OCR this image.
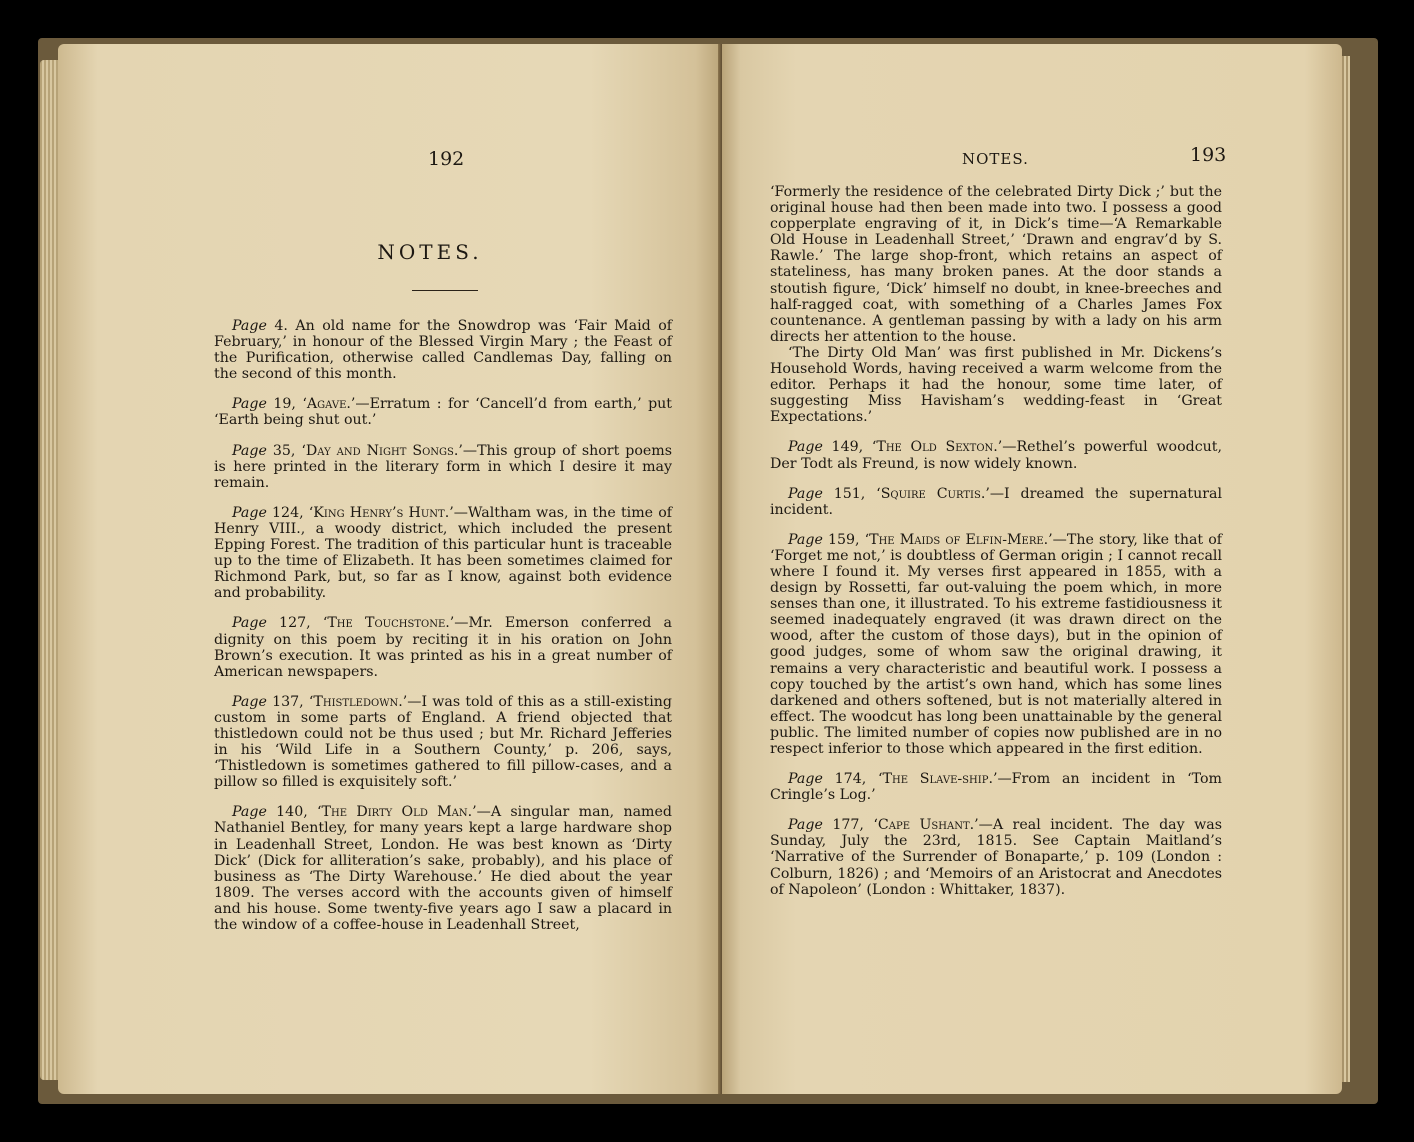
192
NOTES.

Page 4. An old name for the Snowdrop was ‘Fair Maid of February,’ in honour of the Blessed Virgin Mary ; the Feast of the Purification, otherwise called Candlemas Day, falling on the second of this month.

Page 19, ‘Agave.’—Erratum : for ‘Cancell’d from earth,’ put ‘Earth being shut out.’

Page 35, ‘Day and Night Songs.’—This group of short poems is here printed in the literary form in which I desire it may remain.

Page 124, ‘King Henry’s Hunt.’—Waltham was, in the time of Henry VIII., a woody district, which included the present Epping Forest. The tradition of this particular hunt is traceable up to the time of Elizabeth. It has been sometimes claimed for Richmond Park, but, so far as I know, against both evidence and probability.

Page 127, ‘The Touchstone.’—Mr. Emerson conferred a dignity on this poem by reciting it in his oration on John Brown’s execution. It was printed as his in a great number of American newspapers.

Page 137, ‘Thistledown.’—I was told of this as a still-existing custom in some parts of England. A friend objected that thistledown could not be thus used ; but Mr. Richard Jefferies in his ‘Wild Life in a Southern County,’ p. 206, says, ‘Thistledown is sometimes gathered to fill pillow-cases, and a pillow so filled is exquisitely soft.’

Page 140, ‘The Dirty Old Man.’—A singular man, named Nathaniel Bentley, for many years kept a large hardware shop in Leadenhall Street, London. He was best known as ‘Dirty Dick’ (Dick for alliteration’s sake, probably), and his place of business as ‘The Dirty Warehouse.’ He died about the year 1809. The verses accord with the accounts given of himself and his house. Some twenty-five years ago I saw a placard in the window of a coffee-house in Leadenhall Street,

NOTES.	193

‘Formerly the residence of the celebrated Dirty Dick ;’ but the original house had then been made into two. I possess a good copperplate engraving of it, in Dick’s time—‘A Remarkable Old House in Leadenhall Street,’ ‘Drawn and engrav’d by S. Rawle.’ The large shop-front, which retains an aspect of stateliness, has many broken panes. At the door stands a stoutish figure, ‘Dick’ himself no doubt, in knee-breeches and half-ragged coat, with something of a Charles James Fox countenance. A gentleman passing by with a lady on his arm directs her attention to the house.

‘The Dirty Old Man’ was first published in Mr. Dickens’s Household Words, having received a warm welcome from the editor. Perhaps it had the honour, some time later, of suggesting Miss Havisham’s wedding-feast in ‘Great Expectations.’

Page 149, ‘The Old Sexton.’—Rethel’s powerful woodcut, Der Todt als Freund, is now widely known.

Page 151, ‘Squire Curtis.’—I dreamed the supernatural incident.

Page 159, ‘The Maids of Elfin-Mere.’—The story, like that of ‘Forget me not,’ is doubtless of German origin ; I cannot recall where I found it. My verses first appeared in 1855, with a design by Rossetti, far out-valuing the poem which, in more senses than one, it illustrated. To his extreme fastidiousness it seemed inadequately engraved (it was drawn direct on the wood, after the custom of those days), but in the opinion of good judges, some of whom saw the original drawing, it remains a very characteristic and beautiful work. I possess a copy touched by the artist’s own hand, which has some lines darkened and others softened, but is not materially altered in effect. The woodcut has long been unattainable by the general public. The limited number of copies now published are in no respect inferior to those which appeared in the first edition.

Page 174, ‘The Slave-ship.’—From an incident in ‘Tom Cringle’s Log.’

Page 177, ‘Cape Ushant.’—A real incident. The day was Sunday, July the 23rd, 1815. See Captain Maitland’s ‘Narrative of the Surrender of Bonaparte,’ p. 109 (London : Colburn, 1826) ; and ‘Memoirs of an Aristocrat and Anecdotes of Napoleon’ (London : Whittaker, 1837).
